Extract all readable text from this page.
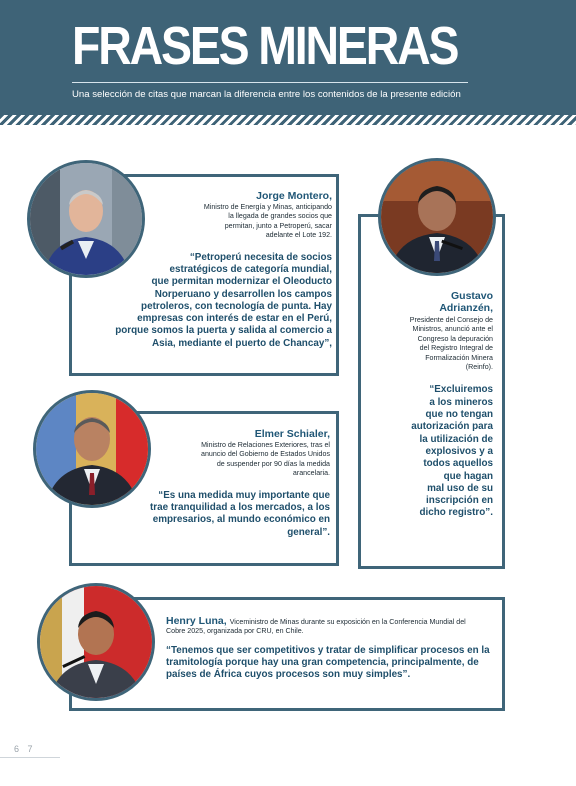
FRASES MINERAS
Una selección de citas que marcan la diferencia entre los contenidos de la presente edición
Jorge Montero,
Ministro de Energía y Minas, anticipando
la llegada de grandes socios que
permitan, junto a Petroperú, sacar
adelante el Lote 192.
“Petroperú necesita de socios
estratégicos de categoría mundial,
que permitan modernizar el Oleoducto
Norperuano y desarrollen los campos
petroleros, con tecnología de punta. Hay
empresas con interés de estar en el Perú,
porque somos la puerta y salida al comercio a
Asia, mediante el puerto de Chancay”,
Gustavo
Adrianzén,
Presidente del Consejo de
Ministros, anunció ante el
Congreso la depuración
del Registro Integral de
Formalización Minera
(Reinfo).
“Excluiremos
a los mineros
que no tengan
autorización para
la utilización de
explosivos y a
todos aquellos
que hagan
mal uso de su
inscripción en
dicho registro”.
Elmer Schialer,
Ministro de Relaciones Exteriores, tras el
anuncio del Gobierno de Estados Unidos
de suspender por 90 días la medida
arancelaria.
“Es una medida muy importante que
trae tranquilidad a los mercados, a los
empresarios, al mundo económico en
general”.
Henry Luna, Viceministro de Minas durante su exposición en la Conferencia Mundial del
Cobre 2025, organizada por CRU, en Chile.
“Tenemos que ser competitivos y tratar de simplificar procesos en la
tramitología porque hay una gran competencia, principalmente, de
países de África cuyos procesos son muy simples”.
6 7
